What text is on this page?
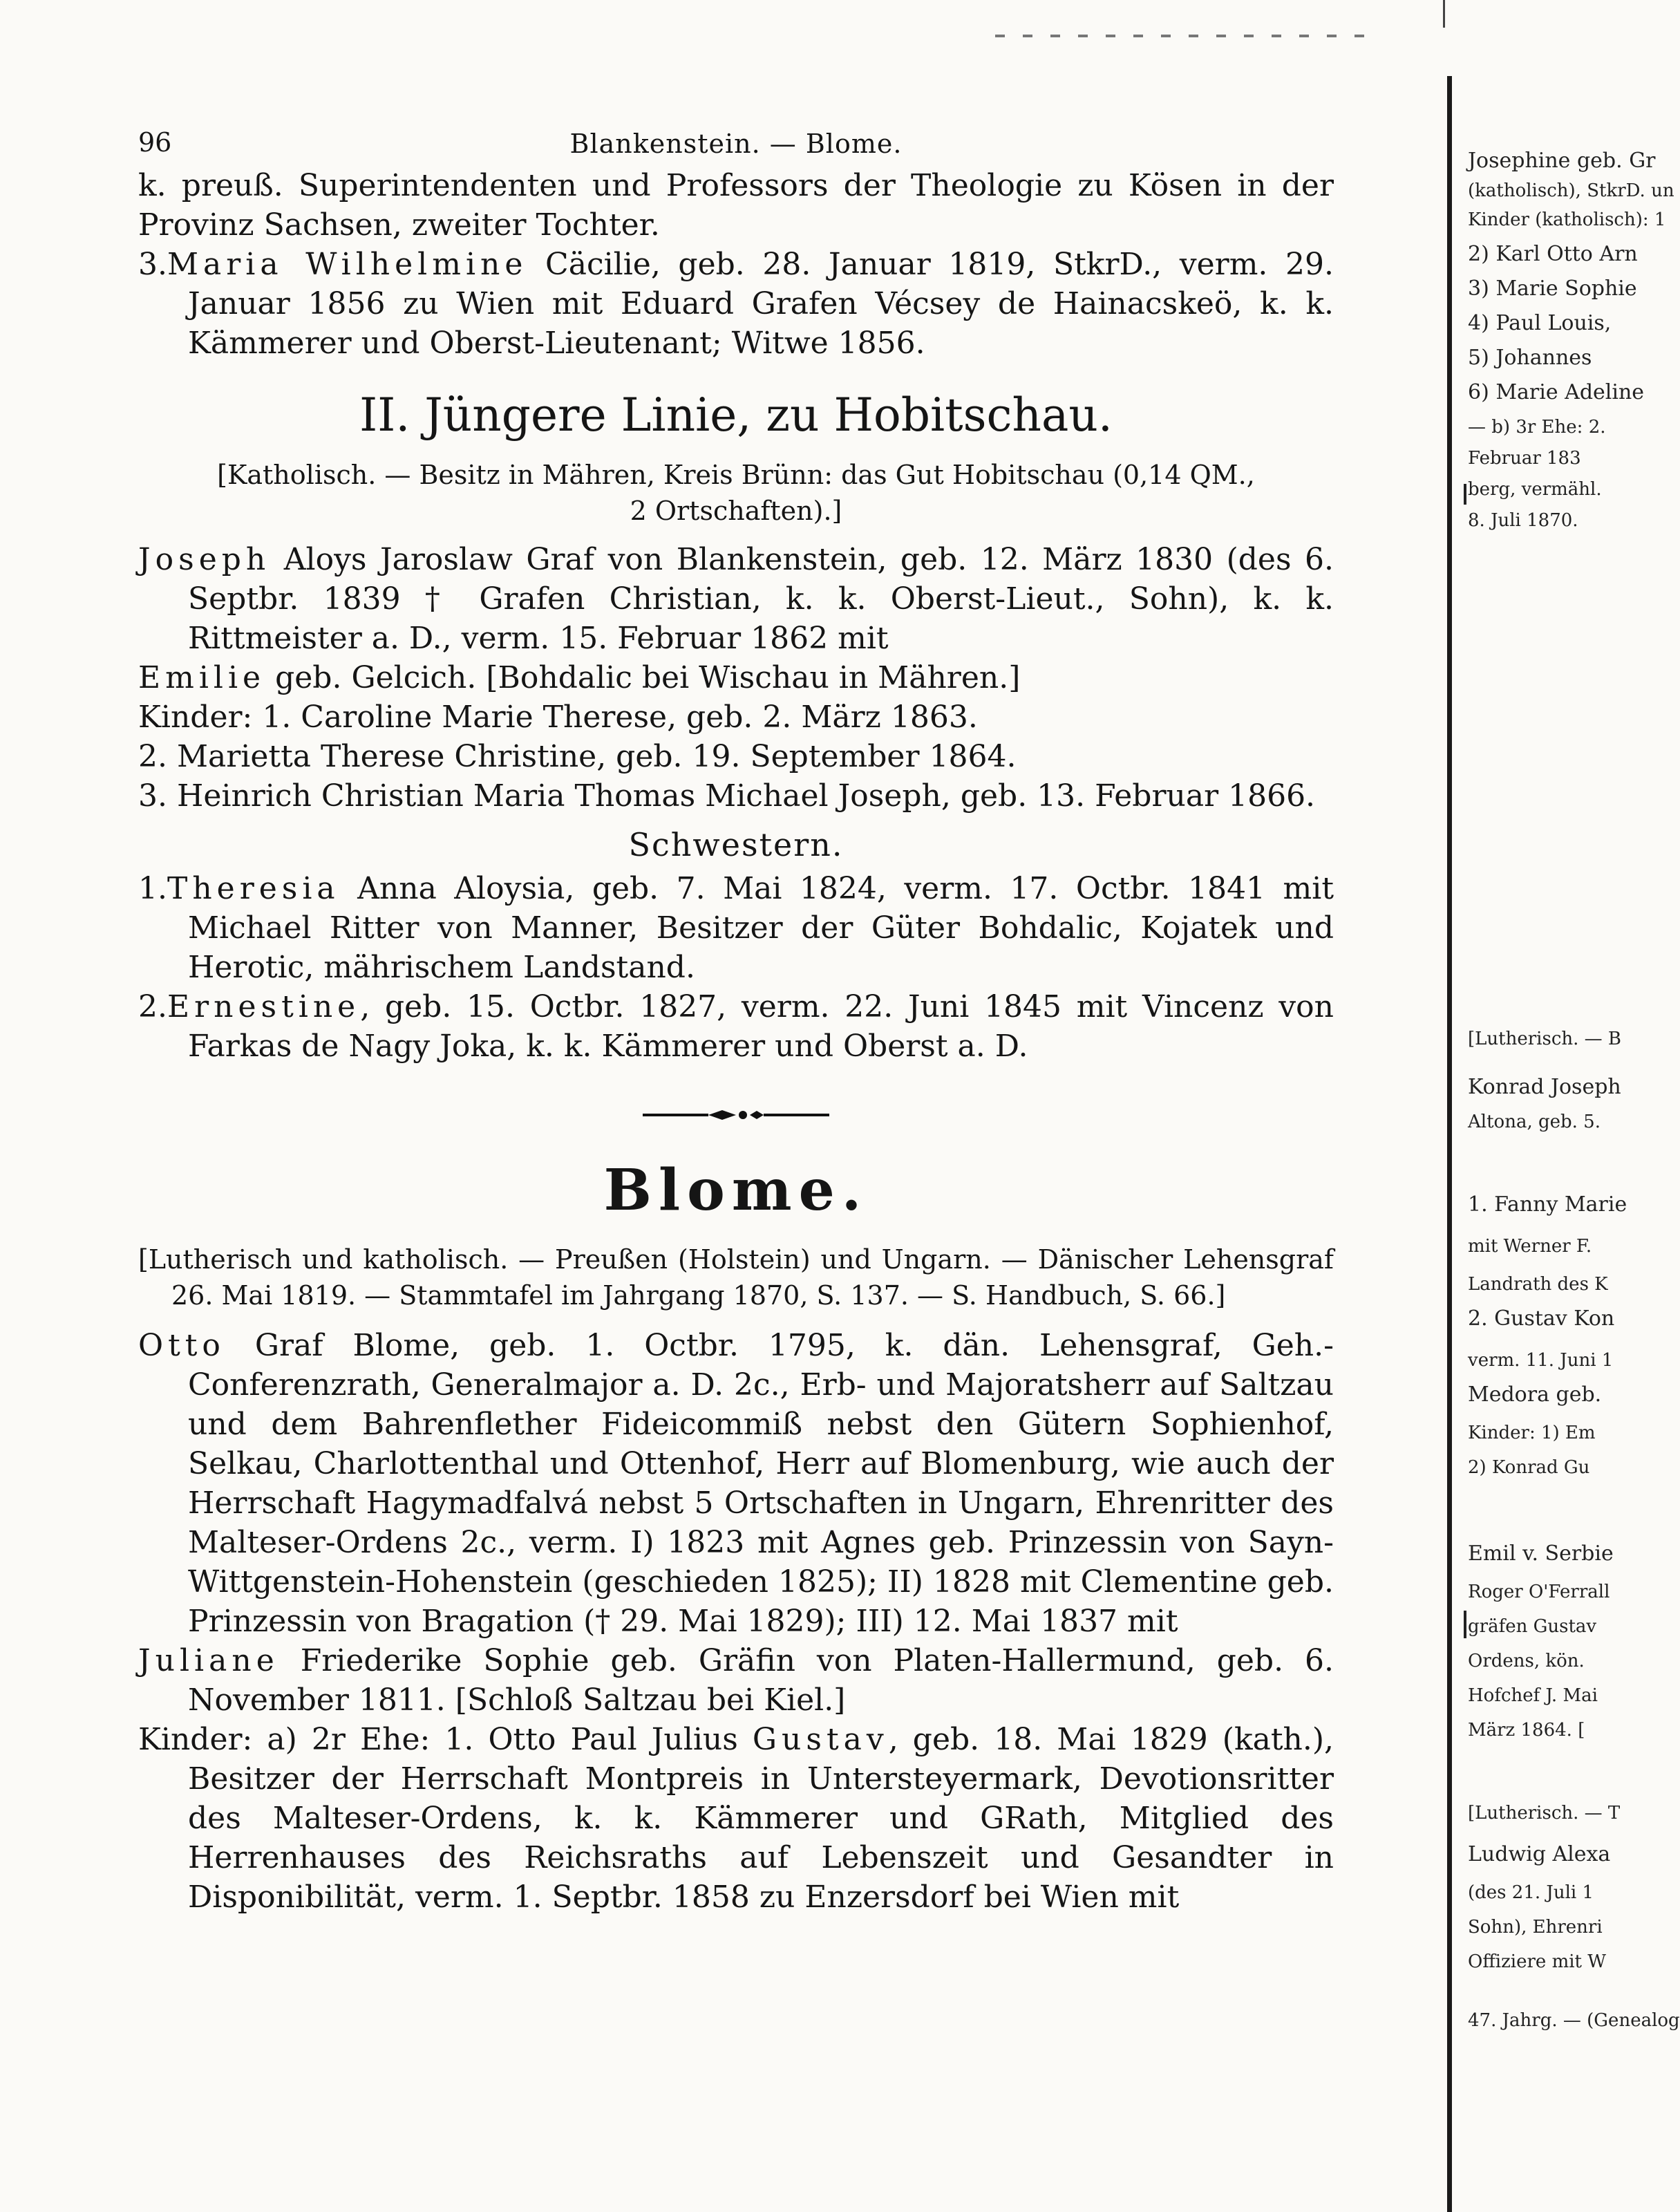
96	Blankenstein. — Blome.

k. preuß. Superintendenten und Professors der Theologie zu Kösen in der Provinz Sachsen, zweiter Tochter.

3.Maria Wilhelmine Cäcilie, geb. 28. Januar 1819, StkrD., verm. 29. Januar 1856 zu Wien mit Eduard Grafen Vécsey de Hainacskeö, k. k. Kämmerer und Oberst-Lieutenant; Witwe 1856.

II. Jüngere Linie, zu Hobitschau.
[Katholisch. — Besitz in Mähren, Kreis Brünn: das Gut Hobitschau (0,14 QM.,
2 Ortschaften).]

Joseph Aloys Jaroslaw Graf von Blankenstein, geb. 12. März 1830 (des 6. Septbr. 1839 † Grafen Christian, k. k. Oberst-Lieut., Sohn), k. k. Rittmeister a. D., verm. 15. Februar 1862 mit

Emilie geb. Gelcich. [Bohdalic bei Wischau in Mähren.]

Kinder: 1. Caroline Marie Therese, geb. 2. März 1863.

2. Marietta Therese Christine, geb. 19. September 1864.

3. Heinrich Christian Maria Thomas Michael Joseph, geb. 13. Februar 1866.

Schwestern.

1.Theresia Anna Aloysia, geb. 7. Mai 1824, verm. 17. Octbr. 1841 mit Michael Ritter von Manner, Besitzer der Güter Bohdalic, Kojatek und Herotic, mährischem Landstand.

2.Ernestine, geb. 15. Octbr. 1827, verm. 22. Juni 1845 mit Vincenz von Farkas de Nagy Joka, k. k. Kämmerer und Oberst a. D.

Blome.

[Lutherisch und katholisch. — Preußen (Holstein) und Ungarn. — Dänischer Lehensgraf 26. Mai 1819. — Stammtafel im Jahrgang 1870, S. 137. — S. Handbuch, S. 66.]

Otto Graf Blome, geb. 1. Octbr. 1795, k. dän. Lehensgraf, Geh.-Conferenzrath, Generalmajor a. D. 2c., Erb- und Majoratsherr auf Saltzau und dem Bahrenflether Fideicommiß nebst den Gütern Sophienhof, Selkau, Charlottenthal und Ottenhof, Herr auf Blomenburg, wie auch der Herrschaft Hagymadfalvá nebst 5 Ortschaften in Ungarn, Ehrenritter des Malteser-Ordens 2c., verm. I) 1823 mit Agnes geb. Prinzessin von Sayn-Wittgenstein-Hohenstein (geschieden 1825); II) 1828 mit Clementine geb. Prinzessin von Bragation († 29. Mai 1829); III) 12. Mai 1837 mit

Juliane Friederike Sophie geb. Gräfin von Platen-Hallermund, geb. 6. November 1811. [Schloß Saltzau bei Kiel.]

Kinder: a) 2r Ehe: 1. Otto Paul Julius Gustav, geb. 18. Mai 1829 (kath.), Besitzer der Herrschaft Montpreis in Untersteyermark, Devotionsritter des Malteser-Ordens, k. k. Kämmerer und GRath, Mitglied des Herrenhauses des Reichsraths auf Lebenszeit und Gesandter in Disponibilität, verm. 1. Septbr. 1858 zu Enzersdorf bei Wien mit

Josephine geb. Gr
(katholisch), StkrD. un
Kinder (katholisch): 1
2) Karl Otto Arn
3) Marie Sophie
4) Paul Louis,
5) Johannes
6) Marie Adeline
— b) 3r Ehe: 2.
Februar 183
berg, vermähl.
8. Juli 1870.
[Lutherisch. — B
Konrad Joseph
Altona, geb. 5.
1. Fanny Marie
mit Werner F.
Landrath des K
2. Gustav Kon
verm. 11. Juni 1
Medora geb.
Kinder: 1) Em
2) Konrad Gu
Emil v. Serbie
Roger O'Ferrall
gräfen Gustav
Ordens, kön.
Hofchef J. Mai
März 1864. [
[Lutherisch. — T
Ludwig Alexa
(des 21. Juli 1
Sohn), Ehrenri
Offiziere mit W
47. Jahrg. — (Genealog
